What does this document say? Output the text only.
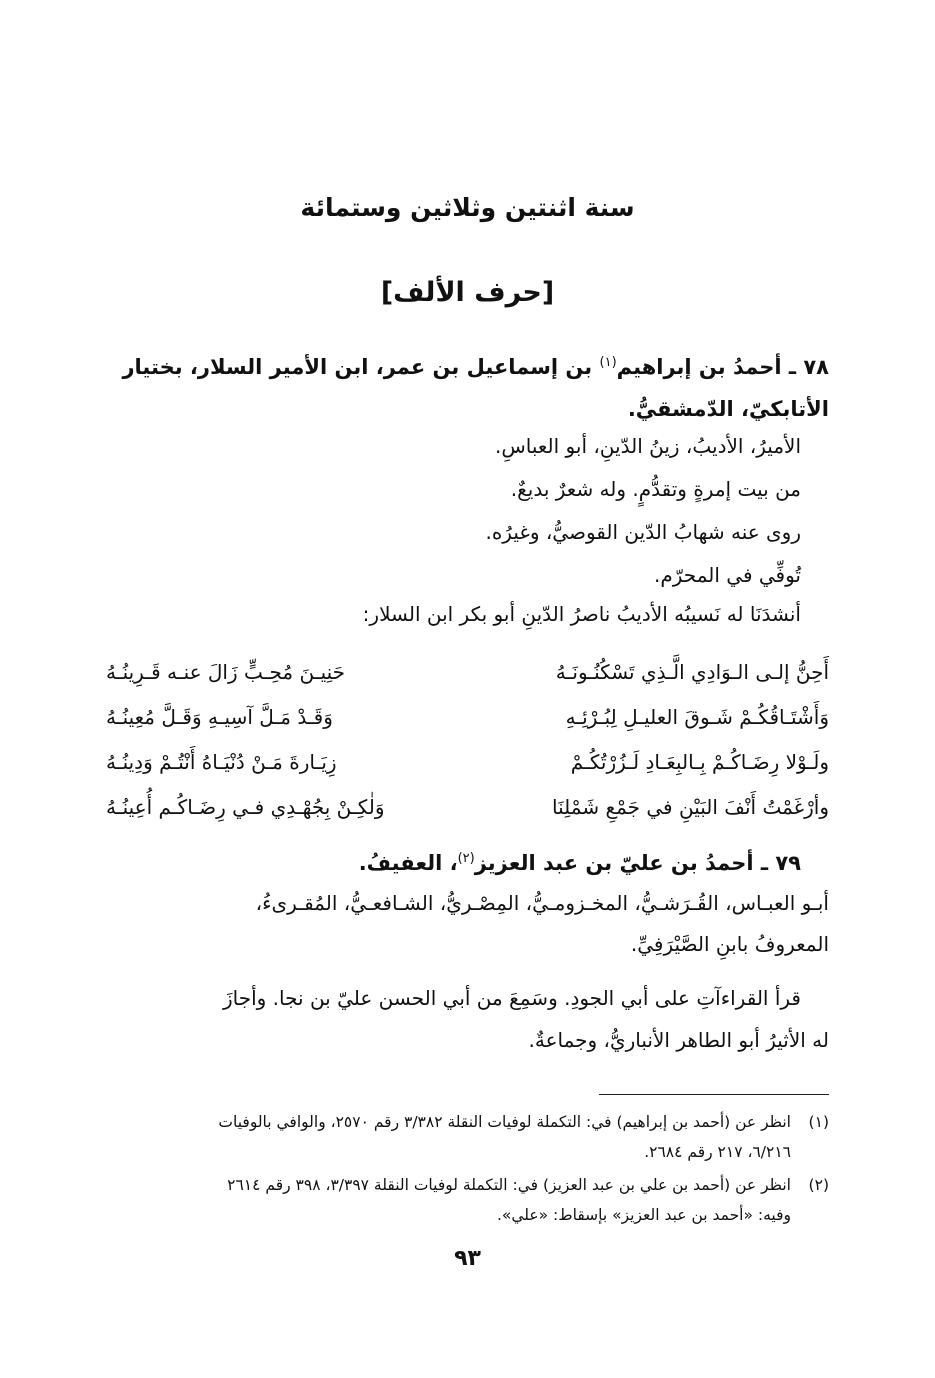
سنة اثنتين وثلاثين وستمائة
[حرف الألف]
٧٨ ـ أحمدُ بن إبراهيم$^{(١)}$ بن إسماعيل بن عمر، ابن الأمير السلار، بختيار
الأتابكيّ، الدّمشقيُّ.
الأميرُ، الأديبُ، زينُ الدّينِ، أبو العباسِ.
من بيت إمرةٍ وتقدُّمٍ. وله شعرٌ بديعٌ.
روى عنه شهابُ الدّين القوصيُّ، وغيرُه.
تُوفِّي في المحرّم.
أنشدَنَا له نَسيبُه الأديبُ ناصرُ الدّينِ أبو بكر ابن السلار:
أَحِنُّ إلـى الـوَادِي الَّـذِي تَسْكُنُـونَـهُ
حَنِيـنَ مُحِـبٍّ زَالَ عنـه قَـرِينُـهُ
وَأَشْتَـاقُكُـمْ شَـوقَ العليـلِ لِبُـرْئِـهِ
وَقَـدْ مَـلَّ آسِيـهِ وَقَـلَّ مُعِينُـهُ
ولَـوْلا رِضَـاكُـمْ بِـالبِعَـادِ لَـزُرْتُكُـمْ
زِيَـارةَ مَـنْ دُنْيَـاهُ أَنْتُـمْ وَدِينُـهُ
وأرْغَمْتُ أَنْفَ البَيْنِ في جَمْعِ شَمْلِنَا
وَلٰكِـنْ بِجُهْـدِي فـي رِضَـاكُـم أُعِينُـهُ
٧٩ ـ أحمدُ بن عليّ بن عبد العزيز$^{(٢)}$، العفيفُ.
أبـو العبـاس، القُـرَشـيُّ، المخـزومـيُّ، المِصْـريُّ، الشـافعـيُّ، المُقـرىءُ،
المعروفُ بابنِ الصَّيْرَفِيِّ.
قرأ القراءآتِ على أبي الجودِ. وسَمِعَ من أبي الحسن عليّ بن نجا. وأجازَ
له الأثيرُ أبو الطاهر الأنباريُّ، وجماعةٌ.
(١)انظر عن (أحمد بن إبراهيم) في: التكملة لوفيات النقلة ٣/٣٨٢ رقم ٢٥٧٠، والوافي بالوفيات
٦/٢١٦، ٢١٧ رقم ٢٦٨٤.
(٢)انظر عن (أحمد بن علي بن عبد العزيز) في: التكملة لوفيات النقلة ٣/٣٩٧، ٣٩٨ رقم ٢٦١٤
وفيه: «أحمد بن عبد العزيز» بإسقاط: «علي».
٩٣
